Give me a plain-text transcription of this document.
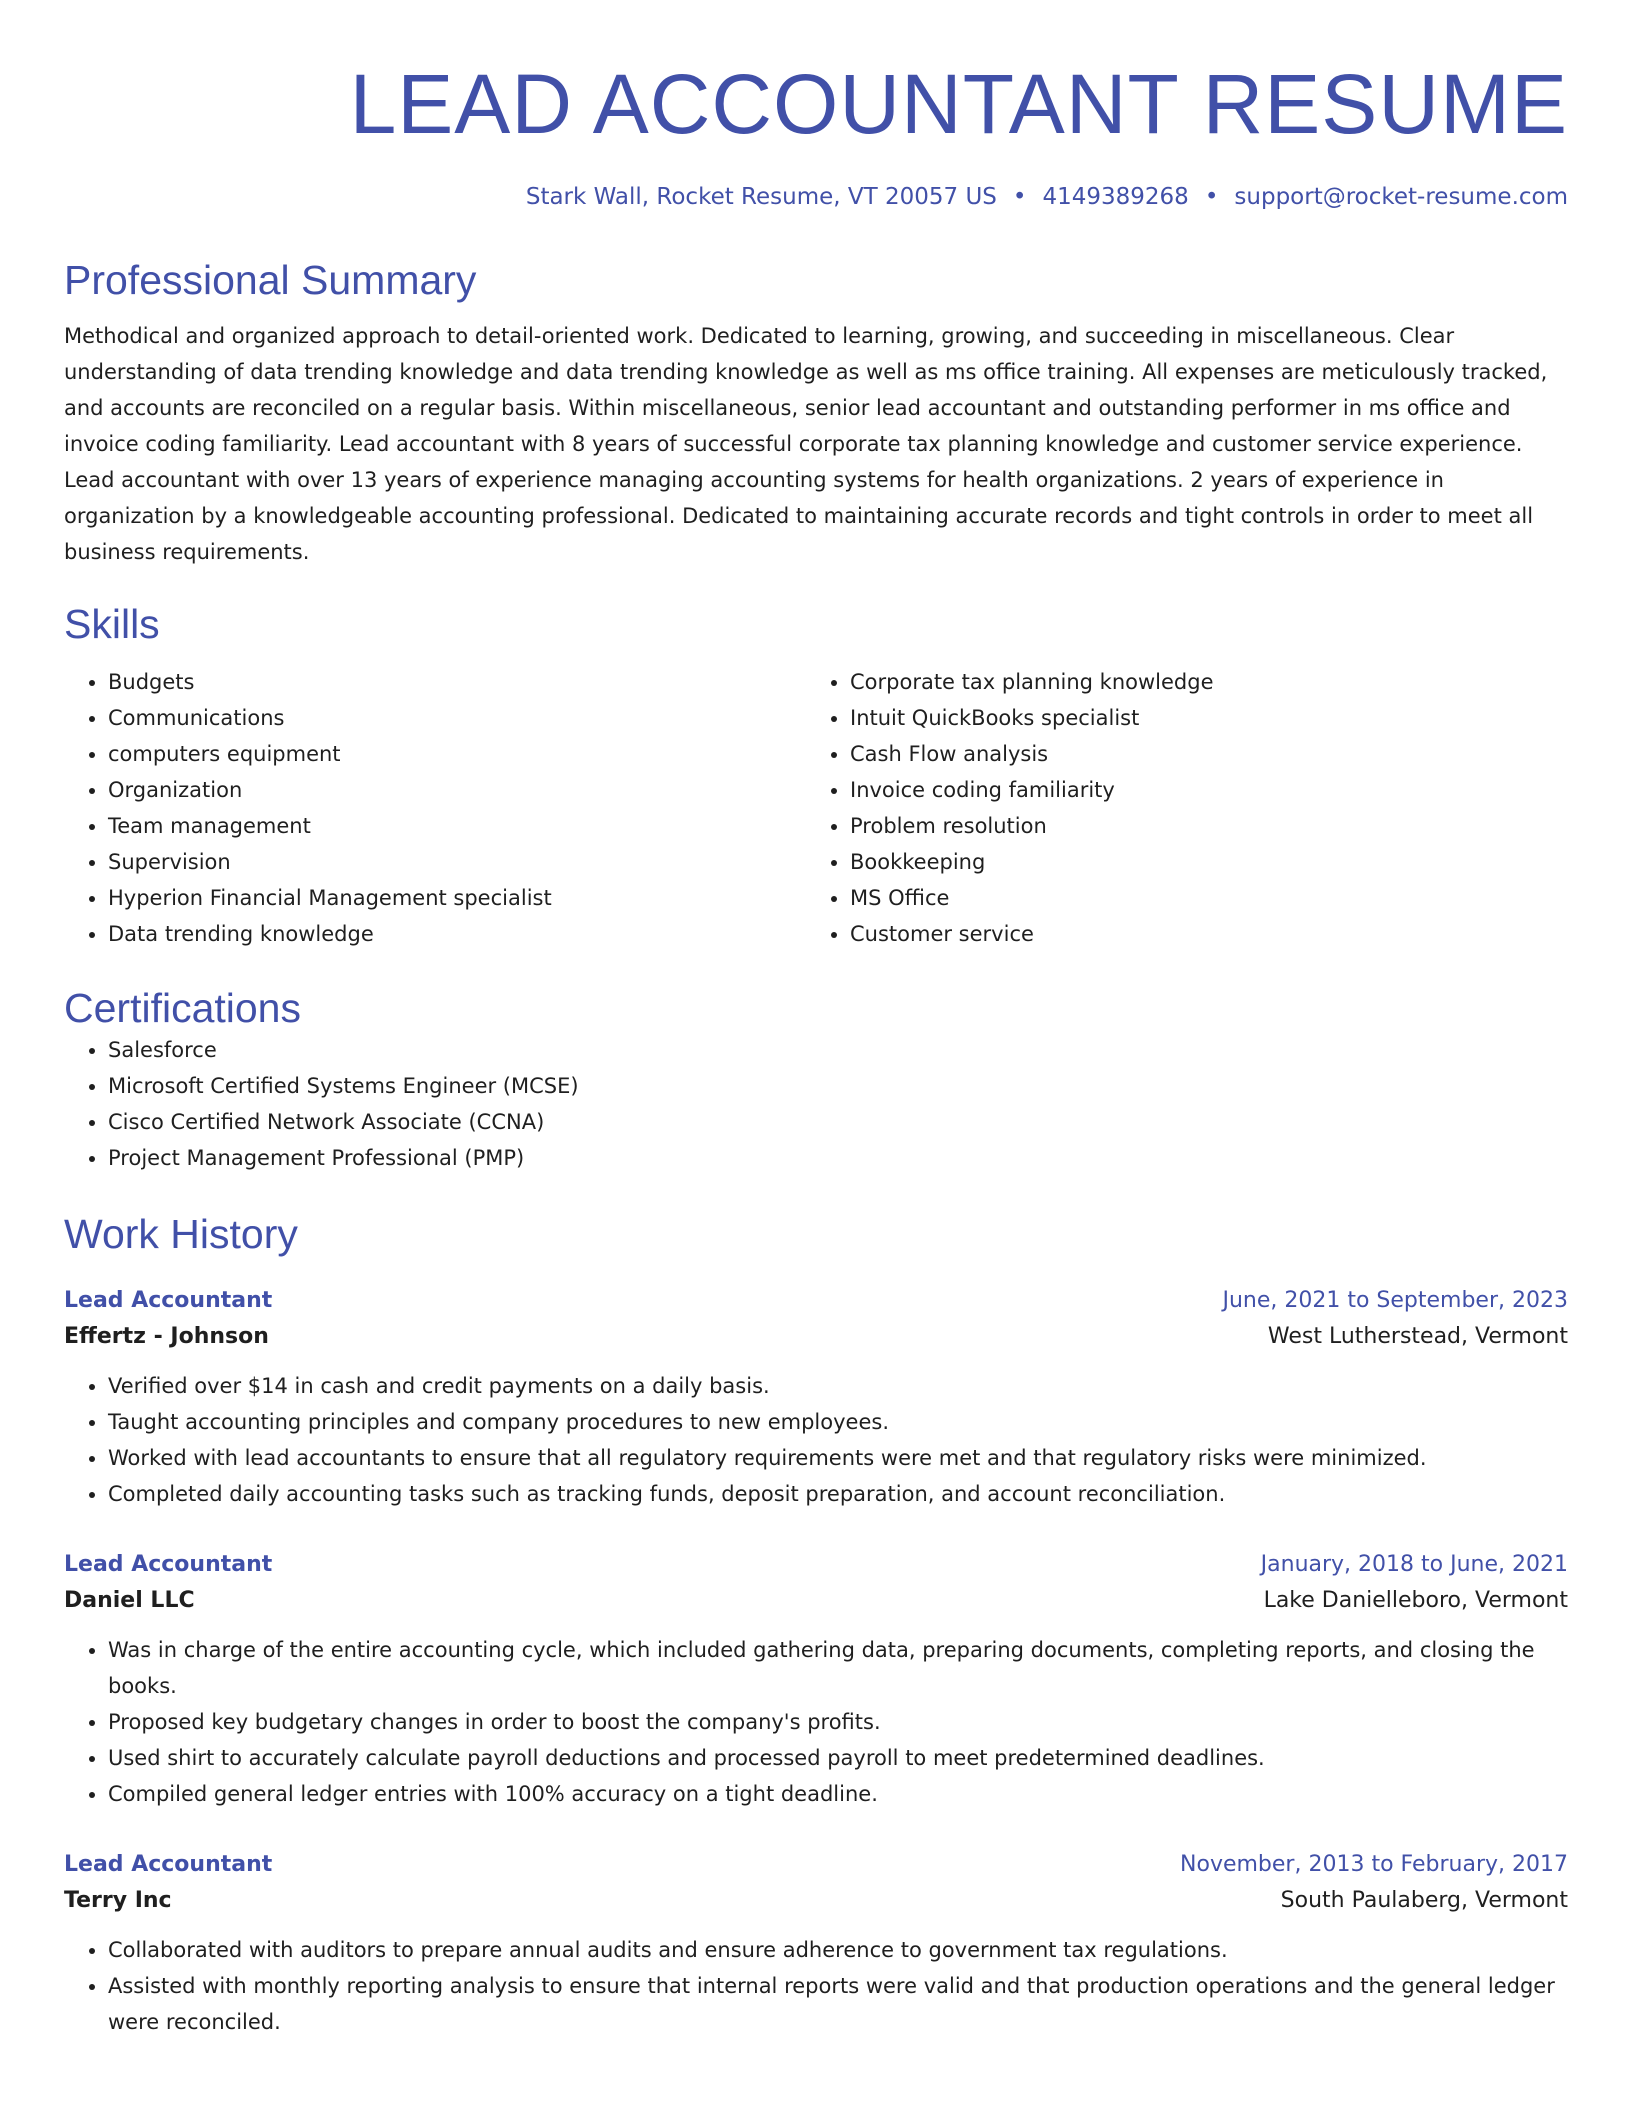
LEAD ACCOUNTANT RESUME
Stark Wall, Rocket Resume, VT 20057 US • 4149389268 • support@rocket-resume.com
Professional Summary
Methodical and organized approach to detail-oriented work. Dedicated to learning, growing, and succeeding in miscellaneous. Clear understanding of data trending knowledge and data trending knowledge as well as ms office training. All expenses are meticulously tracked, and accounts are reconciled on a regular basis. Within miscellaneous, senior lead accountant and outstanding performer in ms office and invoice coding familiarity. Lead accountant with 8 years of successful corporate tax planning knowledge and customer service experience. Lead accountant with over 13 years of experience managing accounting systems for health organizations. 2 years of experience in organization by a knowledgeable accounting professional. Dedicated to maintaining accurate records and tight controls in order to meet all business requirements.
Skills
• Budgets
• Communications
• computers equipment
• Organization
• Team management
• Supervision
• Hyperion Financial Management specialist
• Data trending knowledge
• Corporate tax planning knowledge
• Intuit QuickBooks specialist
• Cash Flow analysis
• Invoice coding familiarity
• Problem resolution
• Bookkeeping
• MS Office
• Customer service
Certifications
• Salesforce
• Microsoft Certified Systems Engineer (MCSE)
• Cisco Certified Network Associate (CCNA)
• Project Management Professional (PMP)
Work History
Lead Accountant	June, 2021 to September, 2023
Effertz - Johnson	West Lutherstead, Vermont
• Verified over $14 in cash and credit payments on a daily basis.
• Taught accounting principles and company procedures to new employees.
• Worked with lead accountants to ensure that all regulatory requirements were met and that regulatory risks were minimized.
• Completed daily accounting tasks such as tracking funds, deposit preparation, and account reconciliation.
Lead Accountant	January, 2018 to June, 2021
Daniel LLC	Lake Danielleboro, Vermont
• Was in charge of the entire accounting cycle, which included gathering data, preparing documents, completing reports, and closing the books.
• Proposed key budgetary changes in order to boost the company's profits.
• Used shirt to accurately calculate payroll deductions and processed payroll to meet predetermined deadlines.
• Compiled general ledger entries with 100% accuracy on a tight deadline.
Lead Accountant	November, 2013 to February, 2017
Terry Inc	South Paulaberg, Vermont
• Collaborated with auditors to prepare annual audits and ensure adherence to government tax regulations.
• Assisted with monthly reporting analysis to ensure that internal reports were valid and that production operations and the general ledger were reconciled.
